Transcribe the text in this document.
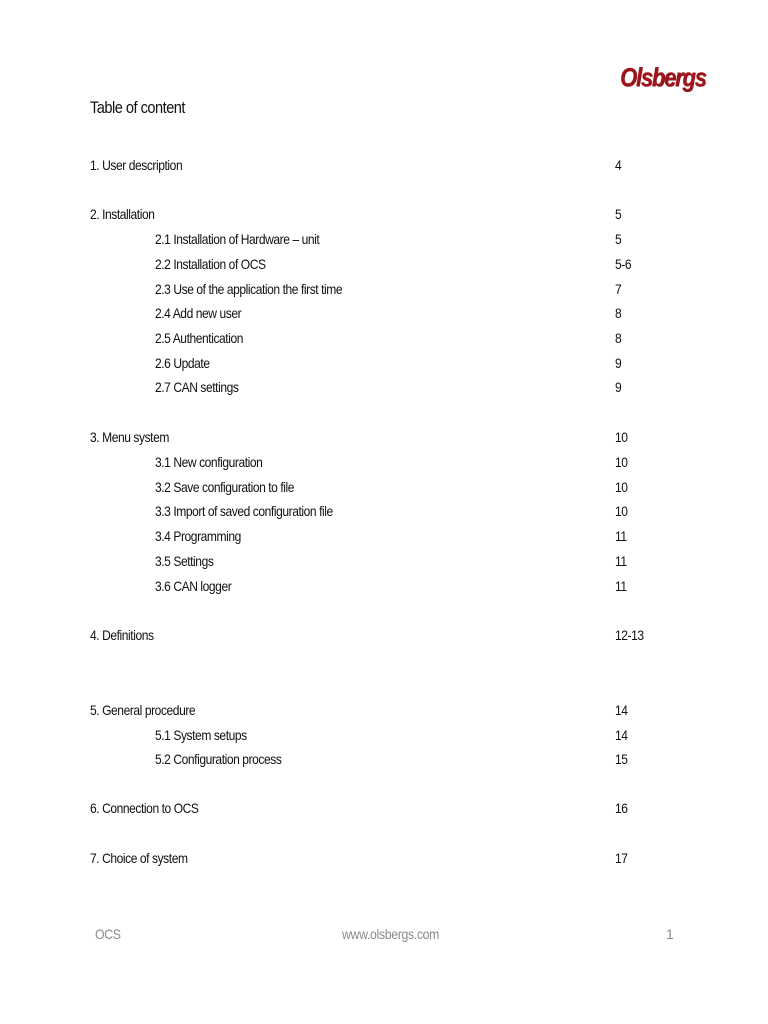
Olsbergs
Table of content
1. User description	4
2. Installation	5
2.1 Installation of Hardware – unit	5
2.2 Installation of OCS	5-6
2.3 Use of the application the first time	7
2.4 Add new user	8
2.5 Authentication	8
2.6 Update	9
2.7 CAN settings	9
3. Menu system	10
3.1 New configuration	10
3.2 Save configuration to file	10
3.3 Import of saved configuration file	10
3.4 Programming	11
3.5 Settings	11
3.6 CAN logger	11
4. Definitions	12-13
5. General procedure	14
5.1 System setups	14
5.2 Configuration process	15
6. Connection to OCS	16
7. Choice of system	17
OCS	www.olsbergs.com	1
